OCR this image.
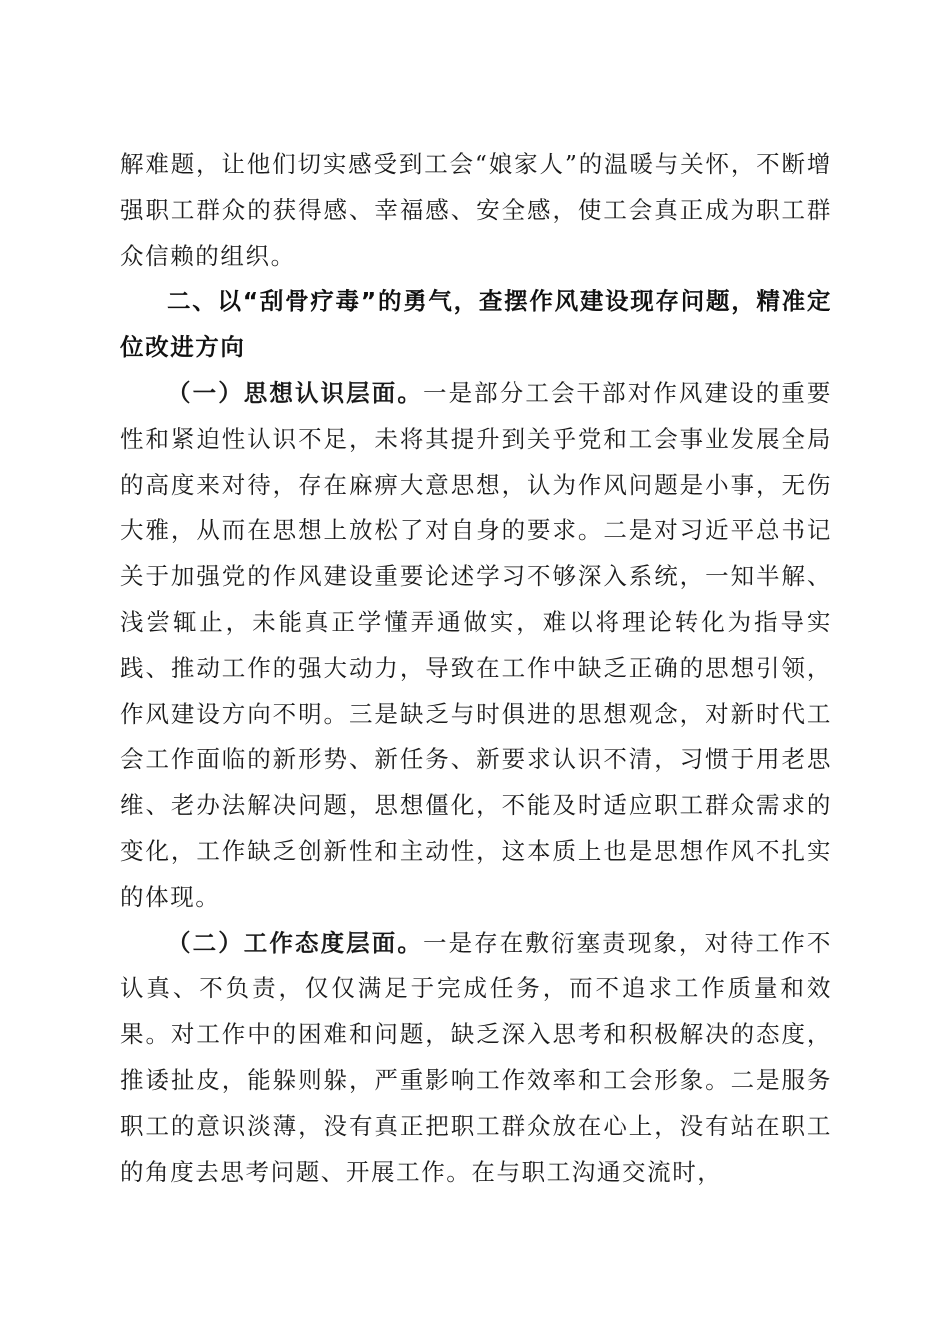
解难题，让他们切实感受到工会“娘家人”的温暖与关怀，不断增强职工群众的获得感、幸福感、安全感，使工会真正成为职工群众信赖的组织。

二、以“刮骨疗毒”的勇气，查摆作风建设现存问题，精准定位改进方向

（一）思想认识层面。一是部分工会干部对作风建设的重要性和紧迫性认识不足，未将其提升到关乎党和工会事业发展全局的高度来对待，存在麻痹大意思想，认为作风问题是小事，无伤大雅，从而在思想上放松了对自身的要求。二是对习近平总书记关于加强党的作风建设重要论述学习不够深入系统，一知半解、浅尝辄止，未能真正学懂弄通做实，难以将理论转化为指导实践、推动工作的强大动力，导致在工作中缺乏正确的思想引领，作风建设方向不明。三是缺乏与时俱进的思想观念，对新时代工会工作面临的新形势、新任务、新要求认识不清，习惯于用老思维、老办法解决问题，思想僵化，不能及时适应职工群众需求的变化，工作缺乏创新性和主动性，这本质上也是思想作风不扎实的体现。

（二）工作态度层面。一是存在敷衍塞责现象，对待工作不认真、不负责，仅仅满足于完成任务，而不追求工作质量和效果。对工作中的困难和问题，缺乏深入思考和积极解决的态度，推诿扯皮，能躲则躲，严重影响工作效率和工会形象。二是服务职工的意识淡薄，没有真正把职工群众放在心上，没有站在职工的角度去思考问题、开展工作。在与职工沟通交流时，
